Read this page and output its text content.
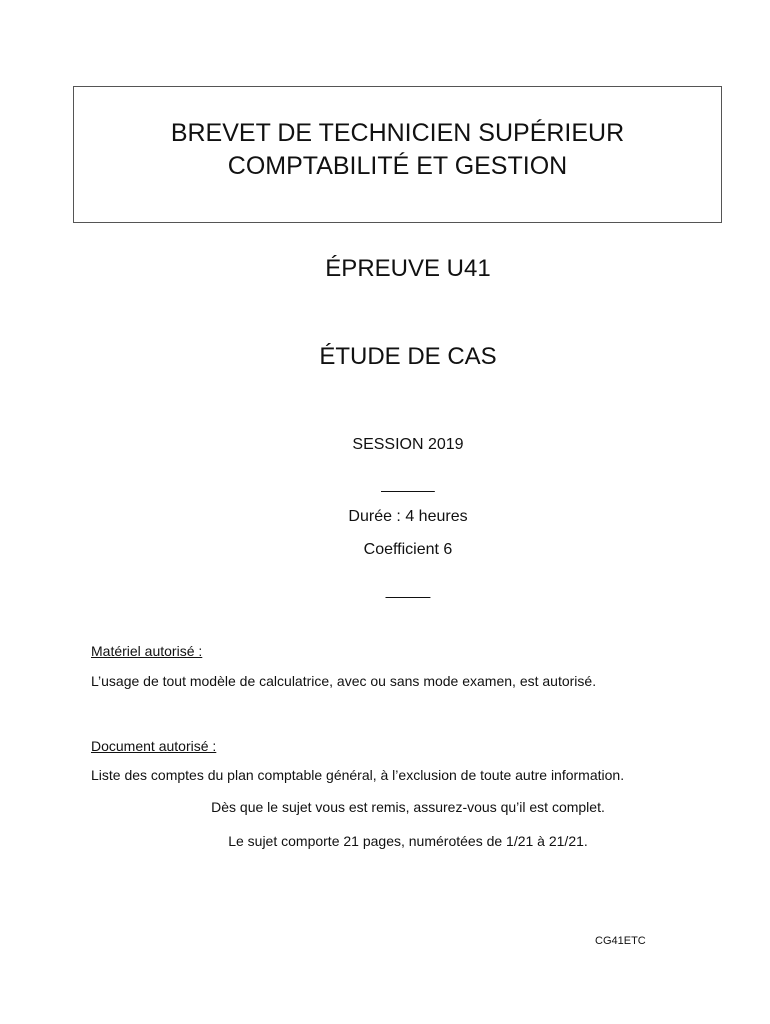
BREVET DE TECHNICIEN SUPÉRIEUR
COMPTABILITÉ ET GESTION
ÉPREUVE U41
ÉTUDE DE CAS
SESSION 2019
______
Durée : 4 heures
Coefficient 6
_____
Matériel autorisé :
L’usage de tout modèle de calculatrice, avec ou sans mode examen, est autorisé.
Document autorisé :
Liste des comptes du plan comptable général, à l’exclusion de toute autre information.
Dès que le sujet vous est remis, assurez-vous qu’il est complet.
Le sujet comporte 21 pages, numérotées de 1/21 à 21/21.
CG41ETC
